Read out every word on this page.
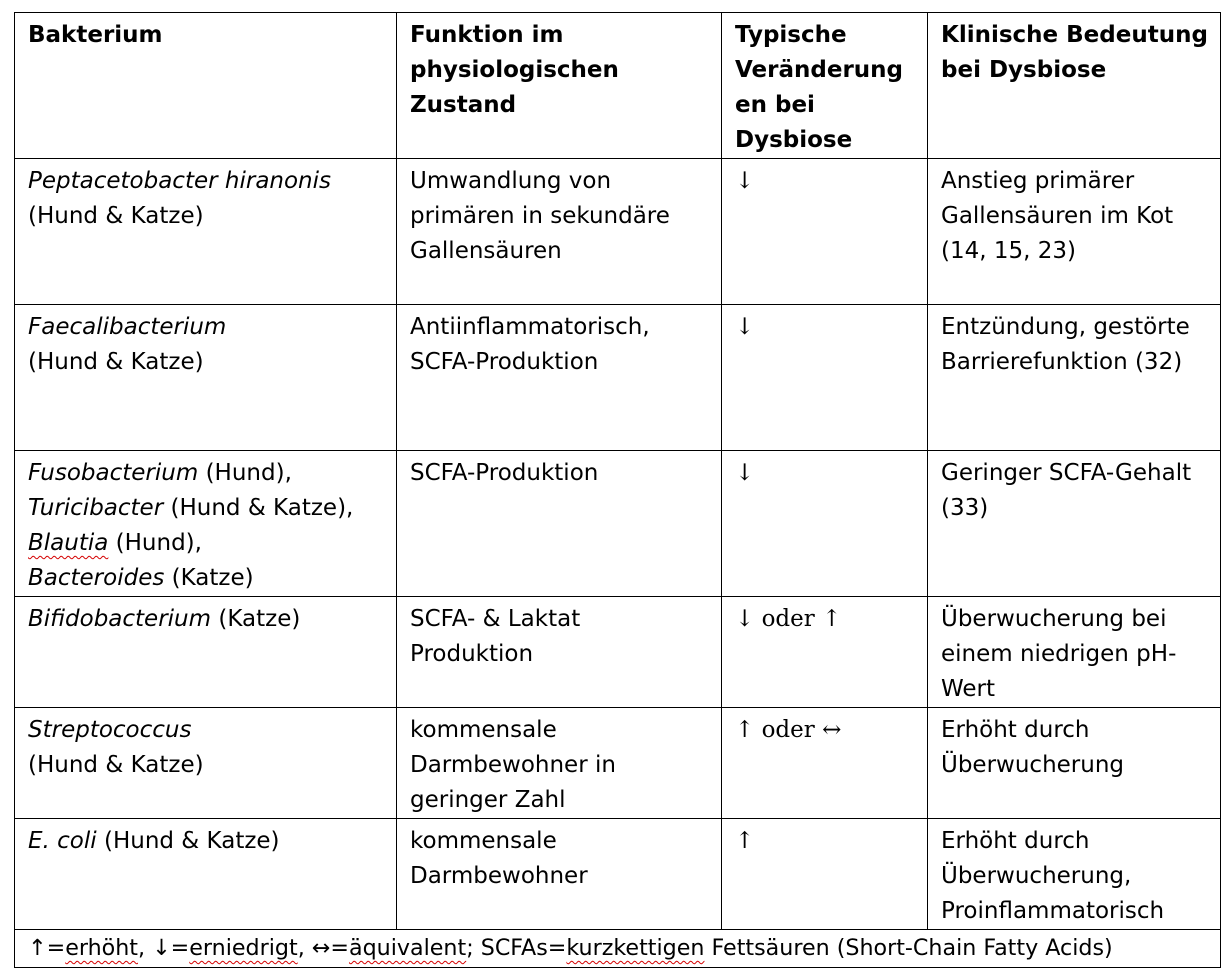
Bakterium	Funktion im physiologischen Zustand	Typische Veränderung en bei Dysbiose	Klinische Bedeutung bei Dysbiose

Peptacetobacter hiranonis
(Hund & Katze)	Umwandlung von primären in sekundäre Gallensäuren	↓	Anstieg primärer Gallensäuren im Kot (14, 15, 23)

Faecalibacterium
(Hund & Katze)	Antiinflammatorisch, SCFA-Produktion	↓	Entzündung, gestörte Barrierefunktion (32)
Fusobacterium (Hund),
Turicibacter (Hund & Katze),
Blautia (Hund),
Bacteroides (Katze)	SCFA-Produktion	↓	Geringer SCFA-Gehalt (33)
Bifidobacterium (Katze)	SCFA- & Laktat Produktion	↓ oder ↑	Überwucherung bei einem niedrigen pH-Wert

Streptococcus
(Hund & Katze)	kommensale Darmbewohner in geringer Zahl	↑ oder ↔	Erhöht durch Überwucherung
E. coli (Hund & Katze)	kommensale Darmbewohner	↑	Erhöht durch Überwucherung, Proinflammatorisch
↑=erhöht, ↓=erniedrigt, ↔=äquivalent; SCFAs=kurzkettigen Fettsäuren (Short-Chain Fatty Acids)			
